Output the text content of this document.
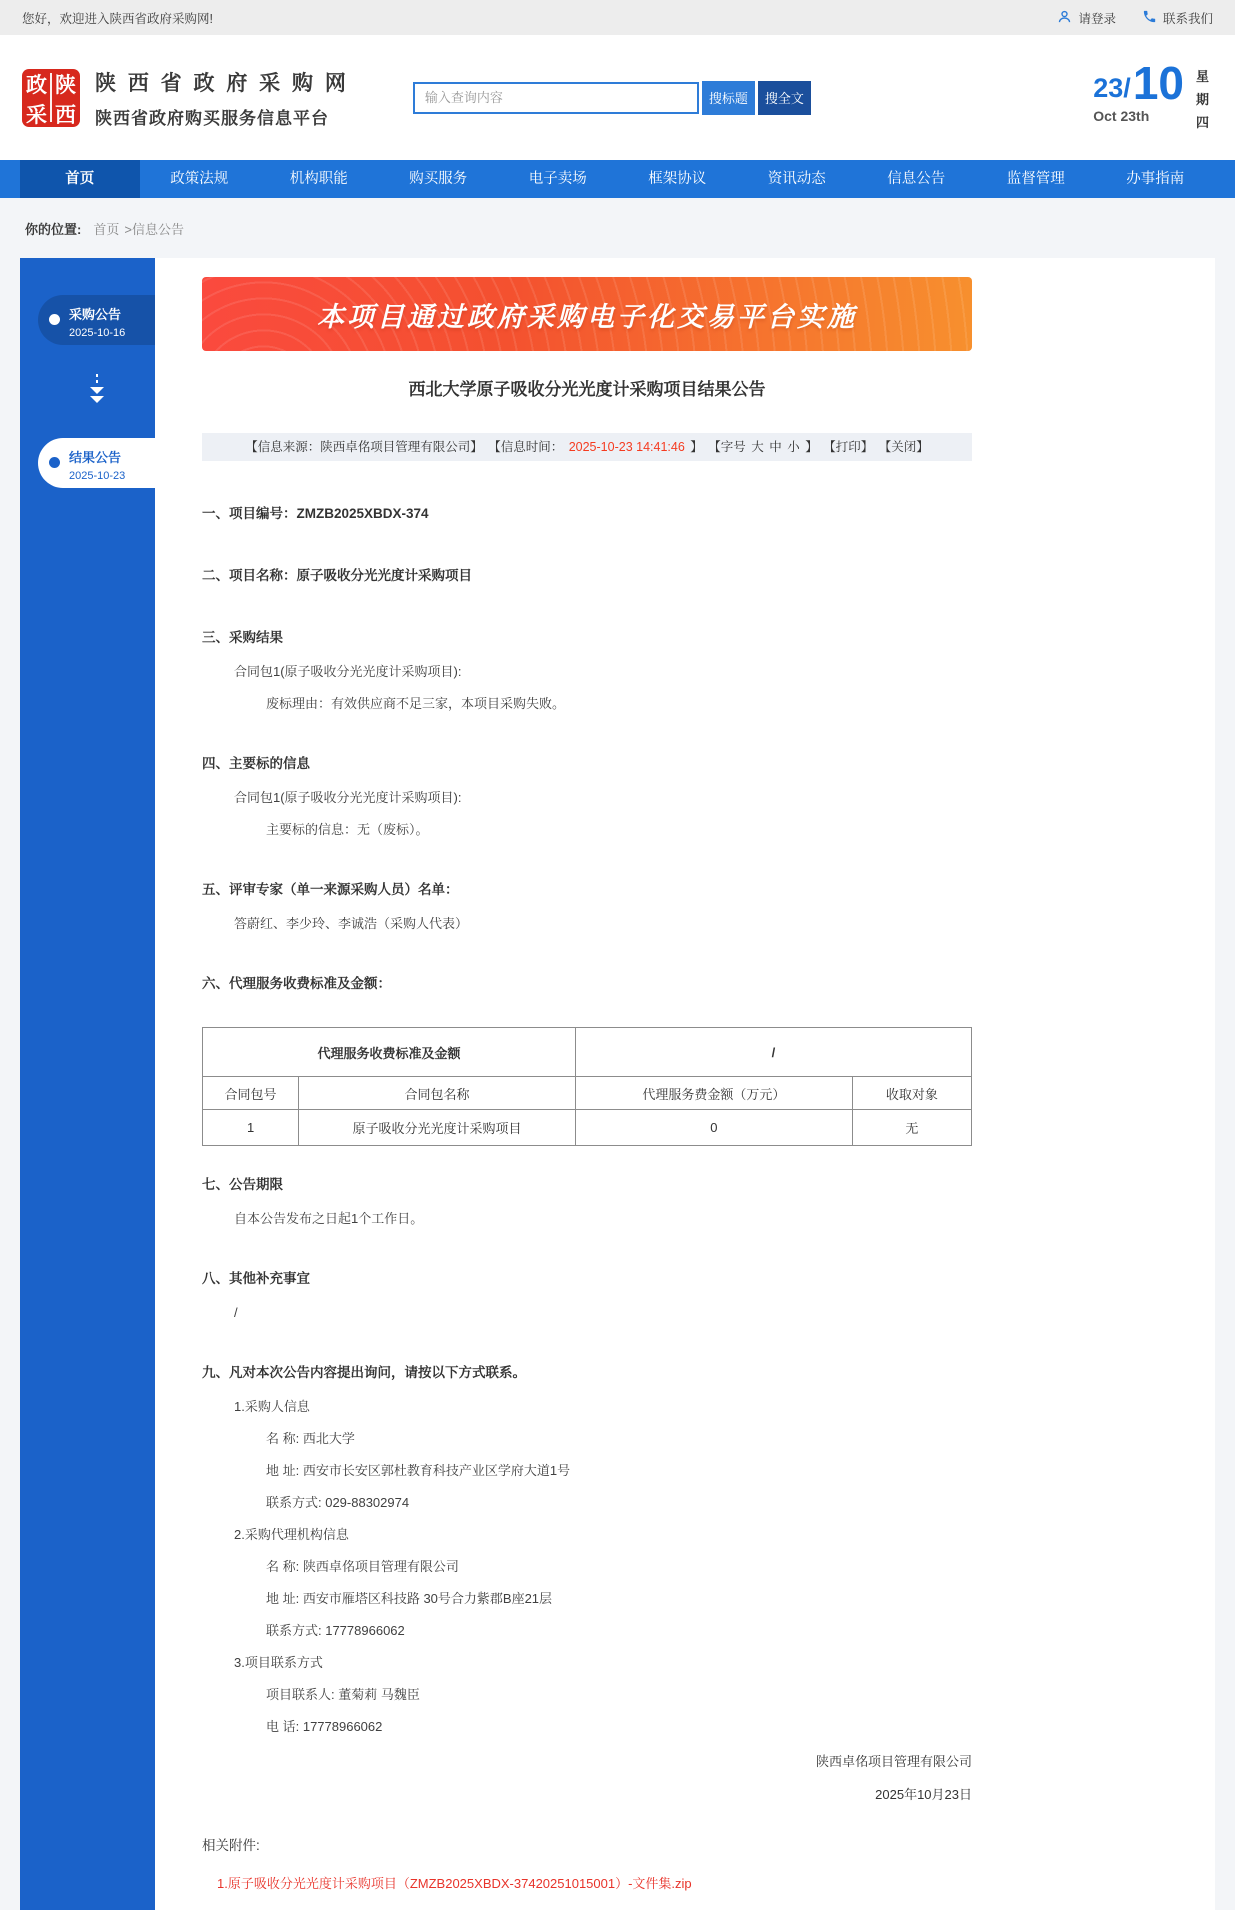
您好，欢迎进入陕西省政府采购网!	请登录	联系我们
政 陕
采 西
陕 西 省 政 府 采 购 网
陕西省政府购买服务信息平台
输入查询内容
搜标题	搜全文	23 / 10
Oct 23th
星
期
四
首页	政策法规	机构职能	购买服务	电子卖场	框架协议	资讯动态	信息公告	监督管理	办事指南
你的位置: 首页 >信息公告
采购公告
2025-10-16
结果公告
2025-10-23
本项目通过政府采购电子化交易平台实施
西北大学原子吸收分光光度计采购项目结果公告
【信息来源：陕西卓佲项目管理有限公司】 【信息时间： 2025-10-23 14:41:46 】 【字号 大 中 小 】 【打印】 【关闭】
一、项目编号：ZMZB2025XBDX-374
二、项目名称：原子吸收分光光度计采购项目
三、采购结果
合同包1(原子吸收分光光度计采购项目):
废标理由：有效供应商不足三家，本项目采购失败。
四、主要标的信息
合同包1(原子吸收分光光度计采购项目):
主要标的信息：无（废标）。
五、评审专家（单一来源采购人员）名单：
答蔚红、李少玲、李诚浩（采购人代表）
六、代理服务收费标准及金额：
代理服务收费标准及金额		/	
合同包号	合同包名称	代理服务费金额（万元）	收取对象
1	原子吸收分光光度计采购项目	0	无
七、公告期限
自本公告发布之日起1个工作日。
八、其他补充事宜
/
九、凡对本次公告内容提出询问，请按以下方式联系。
1.采购人信息
名 称: 西北大学
地 址: 西安市长安区郭杜教育科技产业区学府大道1号
联系方式: 029-88302974
2.采购代理机构信息
名 称: 陕西卓佲项目管理有限公司
地 址: 西安市雁塔区科技路 30号合力紫郡B座21层
联系方式: 17778966062
3.项目联系方式
项目联系人: 董菊莉 马魏臣
电 话: 17778966062
陕西卓佲项目管理有限公司
2025年10月23日
相关附件:
1.原子吸收分光光度计采购项目（ZMZB2025XBDX-37420251015001）-文件集.zip
